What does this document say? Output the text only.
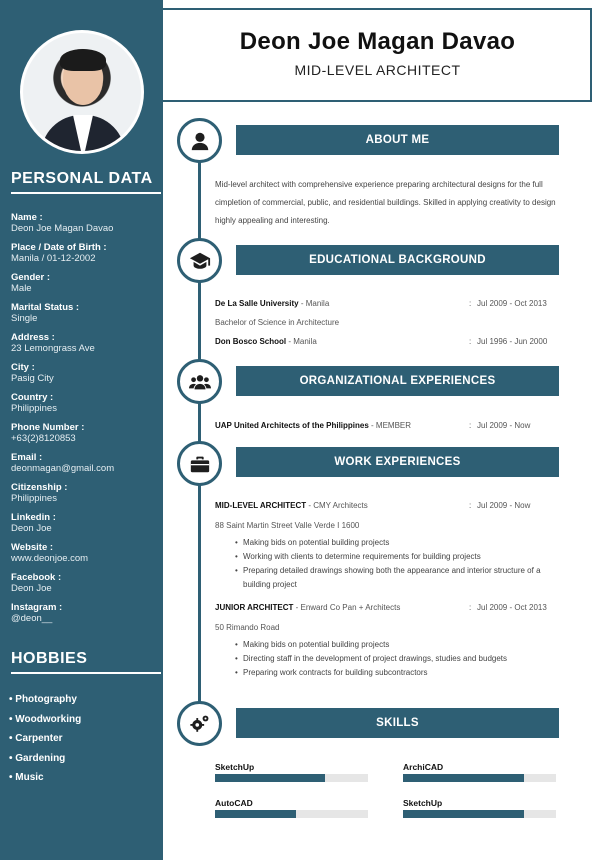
PERSONAL DATA
Name :
Deon Joe Magan Davao
Place / Date of Birth :
Manila / 01-12-2002
Gender :
Male
Marital Status :
Single
Address :
23 Lemongrass Ave
City :
Pasig City
Country :
Philippines
Phone Number :
+63(2)8120853
Email :
deonmagan@gmail.com
Citizenship :
Philippines
Linkedin :
Deon Joe
Website :
www.deonjoe.com
Facebook :
Deon Joe
Instagram :
@deon__
HOBBIES
• Photography
• Woodworking
• Carpenter
• Gardening
• Music
Deon Joe Magan Davao
MID-LEVEL ARCHITECT
ABOUT ME
Mid-level architect with comprehensive experience preparing architectural designs for the full cimpletion of commercial, public, and residential buildings. Skilled in applying creativity to design highly appealing and interesting.
EDUCATIONAL BACKGROUND
De La Salle University - Manila	: Jul 2009 - Oct 2013
Bachelor of Science in Architecture
Don Bosco School - Manila	: Jul 1996 - Jun 2000
ORGANIZATIONAL EXPERIENCES
UAP United Architects of the Philippines - MEMBER	: Jul 2009 - Now
WORK EXPERIENCES
MID-LEVEL ARCHITECT - CMY Architects	: Jul 2009 - Now
88 Saint Martin Street Valle Verde I 1600
• Making bids on potential building projects
• Working with clients to determine requirements for building projects
• Preparing detailed drawings showing both the appearance and interior structure of a building project
JUNIOR ARCHITECT - Enward Co Pan + Architects	: Jul 2009 - Oct 2013
50 Rimando Road
• Making bids on potential building projects
• Directing staff in the development of project drawings, studies and budgets
• Preparing work contracts for building subcontractors
SKILLS
SketchUp	ArchiCAD
AutoCAD	SketchUp
